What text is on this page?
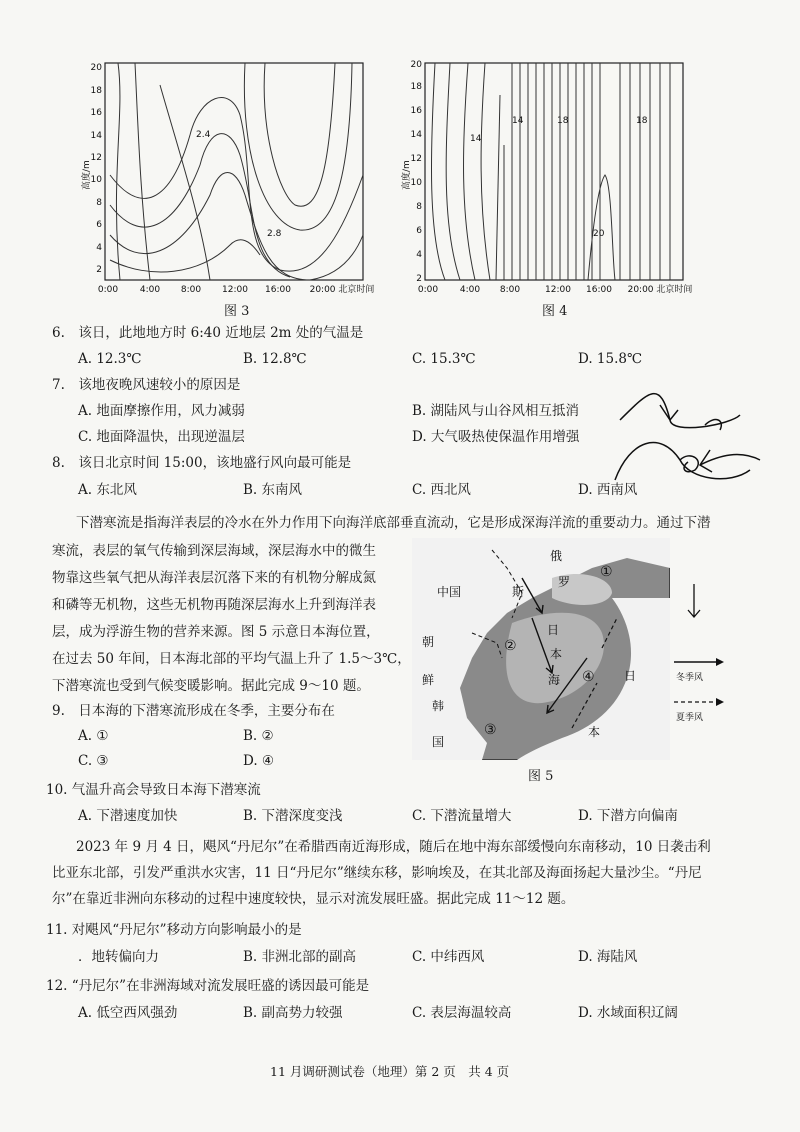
2.4
2.8
2
4
6
8
10
12
14
16
18
20
高度/m
0:00 4:00 8:00 12:00 16:00 20:00 北京时间
图 3
14
14	18	18
20
2
4
6
8
10
12
14
16
18
20
高度/m
0:00 4:00 8:00	12:00 16:00 20:00 北京时间
图 4
6.　该日，此地地方时 6:40 近地层 2m 处的气温是
A. 12.3℃	B. 12.8℃	C. 15.3℃	D. 15.8℃
7.　该地夜晚风速较小的原因是
A. 地面摩擦作用，风力减弱	B. 湖陆风与山谷风相互抵消
C. 地面降温快，出现逆温层	D. 大气吸热使保温作用增强
8.　该日北京时间 15:00，该地盛行风向最可能是
A. 东北风	B. 东南风	C. 西北风	D. 西南风
下潜寒流是指海洋表层的冷水在外力作用下向海洋底部垂直流动，它是形成深海洋流的重要动力。通过下潜
寒流，表层的氧气传输到深层海域，深层海水中的微生
物靠这些氧气把从海洋表层沉落下来的有机物分解成氮
和磷等无机物，这些无机物再随深层海水上升到海洋表
层，成为浮游生物的营养来源。图 5 示意日本海位置，
在过去 50 年间，日本海北部的平均气温上升了 1.5～3℃，
下潜寒流也受到气候变暖影响。据此完成 9～10 题。
俄
罗
斯
中国
朝
鲜
韩
国
日
本
海	日
本
①
②
③
④	冬季风
夏季风
图 5
9.　日本海的下潜寒流形成在冬季，主要分布在
A. ①	B. ②
C. ③	D. ④
10. 气温升高会导致日本海下潜寒流
A. 下潜速度加快	B. 下潜深度变浅	C. 下潜流量增大	D. 下潜方向偏南
2023 年 9 月 4 日，飓风“丹尼尔”在希腊西南近海形成，随后在地中海东部缓慢向东南移动，10 日袭击利
比亚东北部，引发严重洪水灾害，11 日“丹尼尔”继续东移，影响埃及，在其北部及海面扬起大量沙尘。“丹尼
尔”在靠近非洲向东移动的过程中速度较快，显示对流发展旺盛。据此完成 11～12 题。
11. 对飓风“丹尼尔”移动方向影响最小的是
．地转偏向力	B. 非洲北部的副高	C. 中纬西风	D. 海陆风
12. “丹尼尔”在非洲海域对流发展旺盛的诱因最可能是
A. 低空西风强劲	B. 副高势力较强	C. 表层海温较高	D. 水域面积辽阔
11 月调研测试卷（地理）第 2 页　共 4 页
